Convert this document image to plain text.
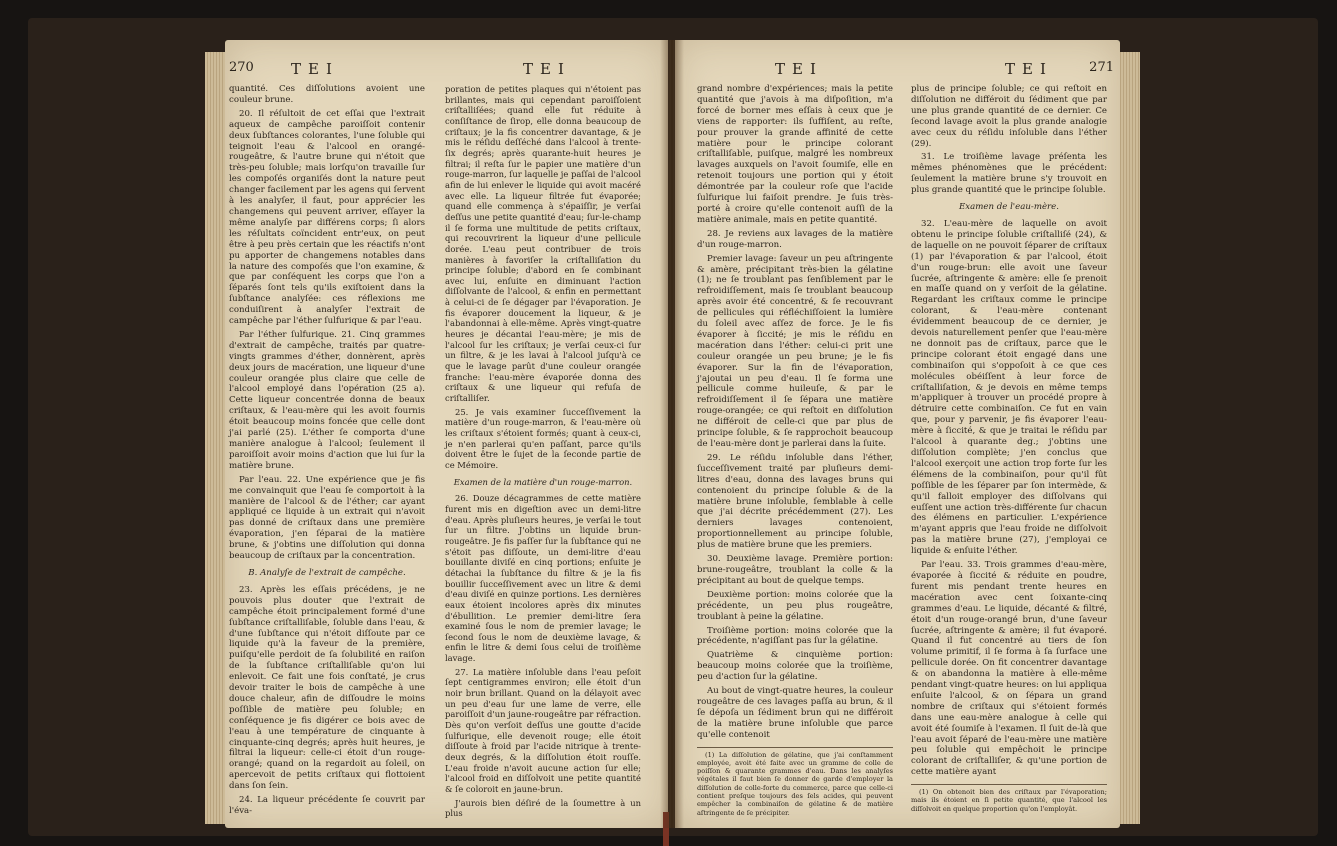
270 TEI	TEI

quantité. Ces diſſolutions avoient une couleur brune.

20. Il réſultoit de cet eſſai que l'extrait aqueux de campêche paroiſſoit contenir deux ſubſtances colorantes, l'une ſoluble qui teignoit l'eau & l'alcool en orangé-rougeâtre, & l'autre brune qui n'étoit que très-peu ſoluble; mais lorſqu'on travaille ſur les compoſés organiſés dont la nature peut changer facilement par les agens qui ſervent à les analyſer, il faut, pour apprécier les changemens qui peuvent arriver, eſſayer la même analyſe par différens corps; ſi alors les réſultats coïncident entr'eux, on peut être à peu près certain que les réactifs n'ont pu apporter de changemens notables dans la nature des compoſés que l'on examine, & que par conſéquent les corps que l'on a ſéparés ſont tels qu'ils exiſtoient dans la ſubſtance analyſée: ces réflexions me conduiſirent à analyſer l'extrait de campêche par l'éther ſulfurique & par l'eau.

Par l'éther ſulfurique. 21. Cinq grammes d'extrait de campêche, traités par quatre-vingts grammes d'éther, donnèrent, après deux jours de macération, une liqueur d'une couleur orangée plus claire que celle de l'alcool employé dans l'opération (25 a). Cette liqueur concentrée donna de beaux criſtaux, & l'eau-mère qui les avoit fournis étoit beaucoup moins foncée que celle dont j'ai parlé (25). L'éther ſe comporta d'une manière analogue à l'alcool; ſeulement il paroiſſoit avoir moins d'action que lui ſur la matière brune.

Par l'eau. 22. Une expérience que je fis me convainquit que l'eau ſe comportoit à la manière de l'alcool & de l'éther; car ayant appliqué ce liquide à un extrait qui n'avoit pas donné de criſtaux dans une première évaporation, j'en ſéparai de la matière brune, & j'obtins une diſſolution qui donna beaucoup de criſtaux par la concentration.

B. Analyſe de l'extrait de campêche.

23. Après les eſſais précédens, je ne pouvois plus douter que l'extrait de campêche étoit principalement formé d'une ſubſtance criſtalliſable, ſoluble dans l'eau, & d'une ſubſtance qui n'étoit diſſoute par ce liquide qu'à la faveur de la première, puiſqu'elle perdoit de ſa ſolubilité en raiſon de la ſubſtance criſtalliſable qu'on lui enlevoit. Ce fait une fois conſtaté, je crus devoir traiter le bois de campêche à une douce chaleur, afin de diſſoudre le moins poſſible de matière peu ſoluble; en conſéquence je fis digérer ce bois avec de l'eau à une température de cinquante à cinquante-cinq degrés; après huit heures, je filtrai la liqueur: celle-ci étoit d'un rouge-orangé; quand on la regardoit au ſoleil, on apercevoit de petits criſtaux qui flottoient dans ſon ſein.

24. La liqueur précédente ſe couvrit par l'éva-

poration de petites plaques qui n'étoient pas brillantes, mais qui cependant paroiſſoient criſtalliſées; quand elle fut réduite à conſiſtance de ſirop, elle donna beaucoup de criſtaux; je la fis concentrer davantage, & je mis le réſidu deſſéché dans l'alcool à trente-ſix degrés; après quarante-huit heures je filtrai; il reſta ſur le papier une matière d'un rouge-marron, ſur laquelle je paſſai de l'alcool afin de lui enlever le liquide qui avoit macéré avec elle. La liqueur filtrée fut évaporée; quand elle commença à s'épaiſſir, je verſai deſſus une petite quantité d'eau; ſur-le-champ il ſe forma une multitude de petits criſtaux, qui recouvrirent la liqueur d'une pellicule dorée. L'eau peut contribuer de trois manières à favoriſer la criſtalliſation du principe ſoluble; d'abord en ſe combinant avec lui, enſuite en diminuant l'action diſſolvante de l'alcool, & enfin en permettant à celui-ci de ſe dégager par l'évaporation. Je fis évaporer doucement la liqueur, & je l'abandonnai à elle-même. Après vingt-quatre heures je décantai l'eau-mère; je mis de l'alcool ſur les criſtaux; je verſai ceux-ci ſur un filtre, & je les lavai à l'alcool juſqu'à ce que le lavage parût d'une couleur orangée franche: l'eau-mère évaporée donna des criſtaux & une liqueur qui refuſa de criſtalliſer.

25. Je vais examiner ſucceſſivement la matière d'un rouge-marron, & l'eau-mère où les criſtaux s'étoient formés; quant à ceux-ci, je n'en parlerai qu'en paſſant, parce qu'ils doivent être le ſujet de la ſeconde partie de ce Mémoire.

Examen de la matière d'un rouge-marron.

26. Douze décagrammes de cette matière furent mis en digeſtion avec un demi-litre d'eau. Après pluſieurs heures, je verſai le tout ſur un filtre. J'obtins un liquide brun-rougeâtre. Je fis paſſer ſur la ſubſtance qui ne s'étoit pas diſſoute, un demi-litre d'eau bouillante diviſé en cinq portions; enſuite je détachai la ſubſtance du filtre & je la fis bouillir ſucceſſivement avec un litre & demi d'eau diviſé en quinze portions. Les dernières eaux étoient incolores après dix minutes d'ébullition. Le premier demi-litre ſera examiné ſous le nom de premier lavage; le ſecond ſous le nom de deuxième lavage, & enfin le litre & demi ſous celui de troiſième lavage.

27. La matière inſoluble dans l'eau peſoit ſept centigrammes environ; elle étoit d'un noir brun brillant. Quand on la délayoit avec un peu d'eau ſur une lame de verre, elle paroiſſoit d'un jaune-rougeâtre par réfraction. Dès qu'on verſoit deſſus une goutte d'acide ſulfurique, elle devenoit rouge; elle étoit diſſoute à froid par l'acide nitrique à trente-deux degrés, & la diſſolution étoit rouſſe. L'eau froide n'avoit aucune action ſur elle; l'alcool froid en diſſolvoit une petite quantité & ſe coloroit en jaune-brun.

J'aurois bien déſiré de la ſoumettre à un plus

TEI	TEI	271

grand nombre d'expériences; mais la petite quantité que j'avois à ma diſpoſition, m'a forcé de borner mes eſſais à ceux que je viens de rapporter: ils ſuffiſent, au reſte, pour prouver la grande affinité de cette matière pour le principe colorant criſtalliſable, puiſque, malgré les nombreux lavages auxquels on l'avoit ſoumiſe, elle en retenoit toujours une portion qui y étoit démontrée par la couleur roſe que l'acide ſulfurique lui faiſoit prendre. Je ſuis très-porté à croire qu'elle contenoit auſſi de la matière animale, mais en petite quantité.

28. Je reviens aux lavages de la matière d'un rouge-marron.

Premier lavage: ſaveur un peu aſtringente & amère, précipitant très-bien la gélatine (1); ne ſe troublant pas ſenſiblement par le refroidiſſement, mais ſe troublant beaucoup après avoir été concentré, & ſe recouvrant de pellicules qui réfléchiſſoient la lumière du ſoleil avec aſſez de force. Je le fis évaporer à ſiccité; je mis le réſidu en macération dans l'éther: celui-ci prit une couleur orangée un peu brune; je le fis évaporer. Sur la fin de l'évaporation, j'ajoutai un peu d'eau. Il ſe forma une pellicule comme huileuſe, & par le refroidiſſement il ſe ſépara une matière rouge-orangée; ce qui reſtoit en diſſolution ne différoit de celle-ci que par plus de principe ſoluble, & ſe rapprochoit beaucoup de l'eau-mère dont je parlerai dans la ſuite.

29. Le réſidu inſoluble dans l'éther, ſucceſſivement traité par pluſieurs demi-litres d'eau, donna des lavages bruns qui contenoient du principe ſoluble & de la matière brune inſoluble, ſemblable à celle que j'ai décrite précédemment (27). Les derniers lavages contenoient, proportionnellement au principe ſoluble, plus de matière brune que les premiers.

30. Deuxième lavage. Première portion: brune-rougeâtre, troublant la colle & la précipitant au bout de quelque temps.

Deuxième portion: moins colorée que la précédente, un peu plus rougeâtre, troublant à peine la gélatine.

Troiſième portion: moins colorée que la précédente, n'agiſſant pas ſur la gélatine.

Quatrième & cinquième portion: beaucoup moins colorée que la troiſième, peu d'action ſur la gélatine.

Au bout de vingt-quatre heures, la couleur rougeâtre de ces lavages paſſa au brun, & il ſe dépoſa un ſédiment brun qui ne différoit de la matière brune inſoluble que parce qu'elle contenoit

(1) La diſſolution de gélatine, que j'ai conſtamment employée, avoit été faite avec un gramme de colle de poiſſon & quarante grammes d'eau. Dans les analyſes végétales il faut bien ſe donner de garde d'employer la diſſolution de colle-forte du commerce, parce que celle-ci contient preſque toujours des ſels acides, qui peuvent empêcher la combinaiſon de gélatine & de matière aſtringente de ſe précipiter.

plus de principe ſoluble; ce qui reſtoit en diſſolution ne différoit du ſédiment que par une plus grande quantité de ce dernier. Ce ſecond lavage avoit la plus grande analogie avec ceux du réſidu inſoluble dans l'éther (29).

31. Le troiſième lavage préſenta les mêmes phénomènes que le précédent: ſeulement la matière brune s'y trouvoit en plus grande quantité que le principe ſoluble.

Examen de l'eau-mère.

32. L'eau-mère de laquelle on avoit obtenu le principe ſoluble criſtalliſé (24), & de laquelle on ne pouvoit ſéparer de criſtaux (1) par l'évaporation & par l'alcool, étoit d'un rouge-brun: elle avoit une ſaveur ſucrée, aſtringente & amère: elle ſe prenoit en maſſe quand on y verſoit de la gélatine. Regardant les criſtaux comme le principe colorant, & l'eau-mère contenant évidemment beaucoup de ce dernier, je devois naturellement penſer que l'eau-mère ne donnoit pas de criſtaux, parce que le principe colorant étoit engagé dans une combinaiſon qui s'oppoſoit à ce que ces molécules obéiſſent à leur force de criſtalliſation, & je devois en même temps m'appliquer à trouver un procédé propre à détruire cette combinaiſon. Ce fut en vain que, pour y parvenir, je fis évaporer l'eau-mère à ſiccité, & que je traitai le réſidu par l'alcool à quarante deg.; j'obtins une diſſolution complète; j'en conclus que l'alcool exerçoit une action trop forte ſur les élémens de la combinaiſon, pour qu'il fût poſſible de les ſéparer par ſon intermède, & qu'il falloit employer des diſſolvans qui euſſent une action très-différente ſur chacun des élémens en particulier. L'expérience m'ayant appris que l'eau froide ne diſſolvoit pas la matière brune (27), j'employai ce liquide & enſuite l'éther.

Par l'eau. 33. Trois grammes d'eau-mère, évaporée à ſiccité & réduite en poudre, furent mis pendant trente heures en macération avec cent ſoixante-cinq grammes d'eau. Le liquide, décanté & filtré, étoit d'un rouge-orangé brun, d'une ſaveur ſucrée, aſtringente & amère; il fut évaporé. Quand il fut concentré au tiers de ſon volume primitif, il ſe forma à ſa ſurface une pellicule dorée. On fit concentrer davantage & on abandonna la matière à elle-même pendant vingt-quatre heures: on lui appliqua enſuite l'alcool, & on ſépara un grand nombre de criſtaux qui s'étoient formés dans une eau-mère analogue à celle qui avoit été ſoumiſe à l'examen. Il ſuit de-là que l'eau avoit ſéparé de l'eau-mère une matière peu ſoluble qui empêchoit le principe colorant de criſtalliſer, & qu'une portion de cette matière ayant

(1) On obtenoit bien des criſtaux par l'évaporation; mais ils étoient en ſi petite quantité, que l'alcool les diſſolvoit en quelque proportion qu'on l'employât.
